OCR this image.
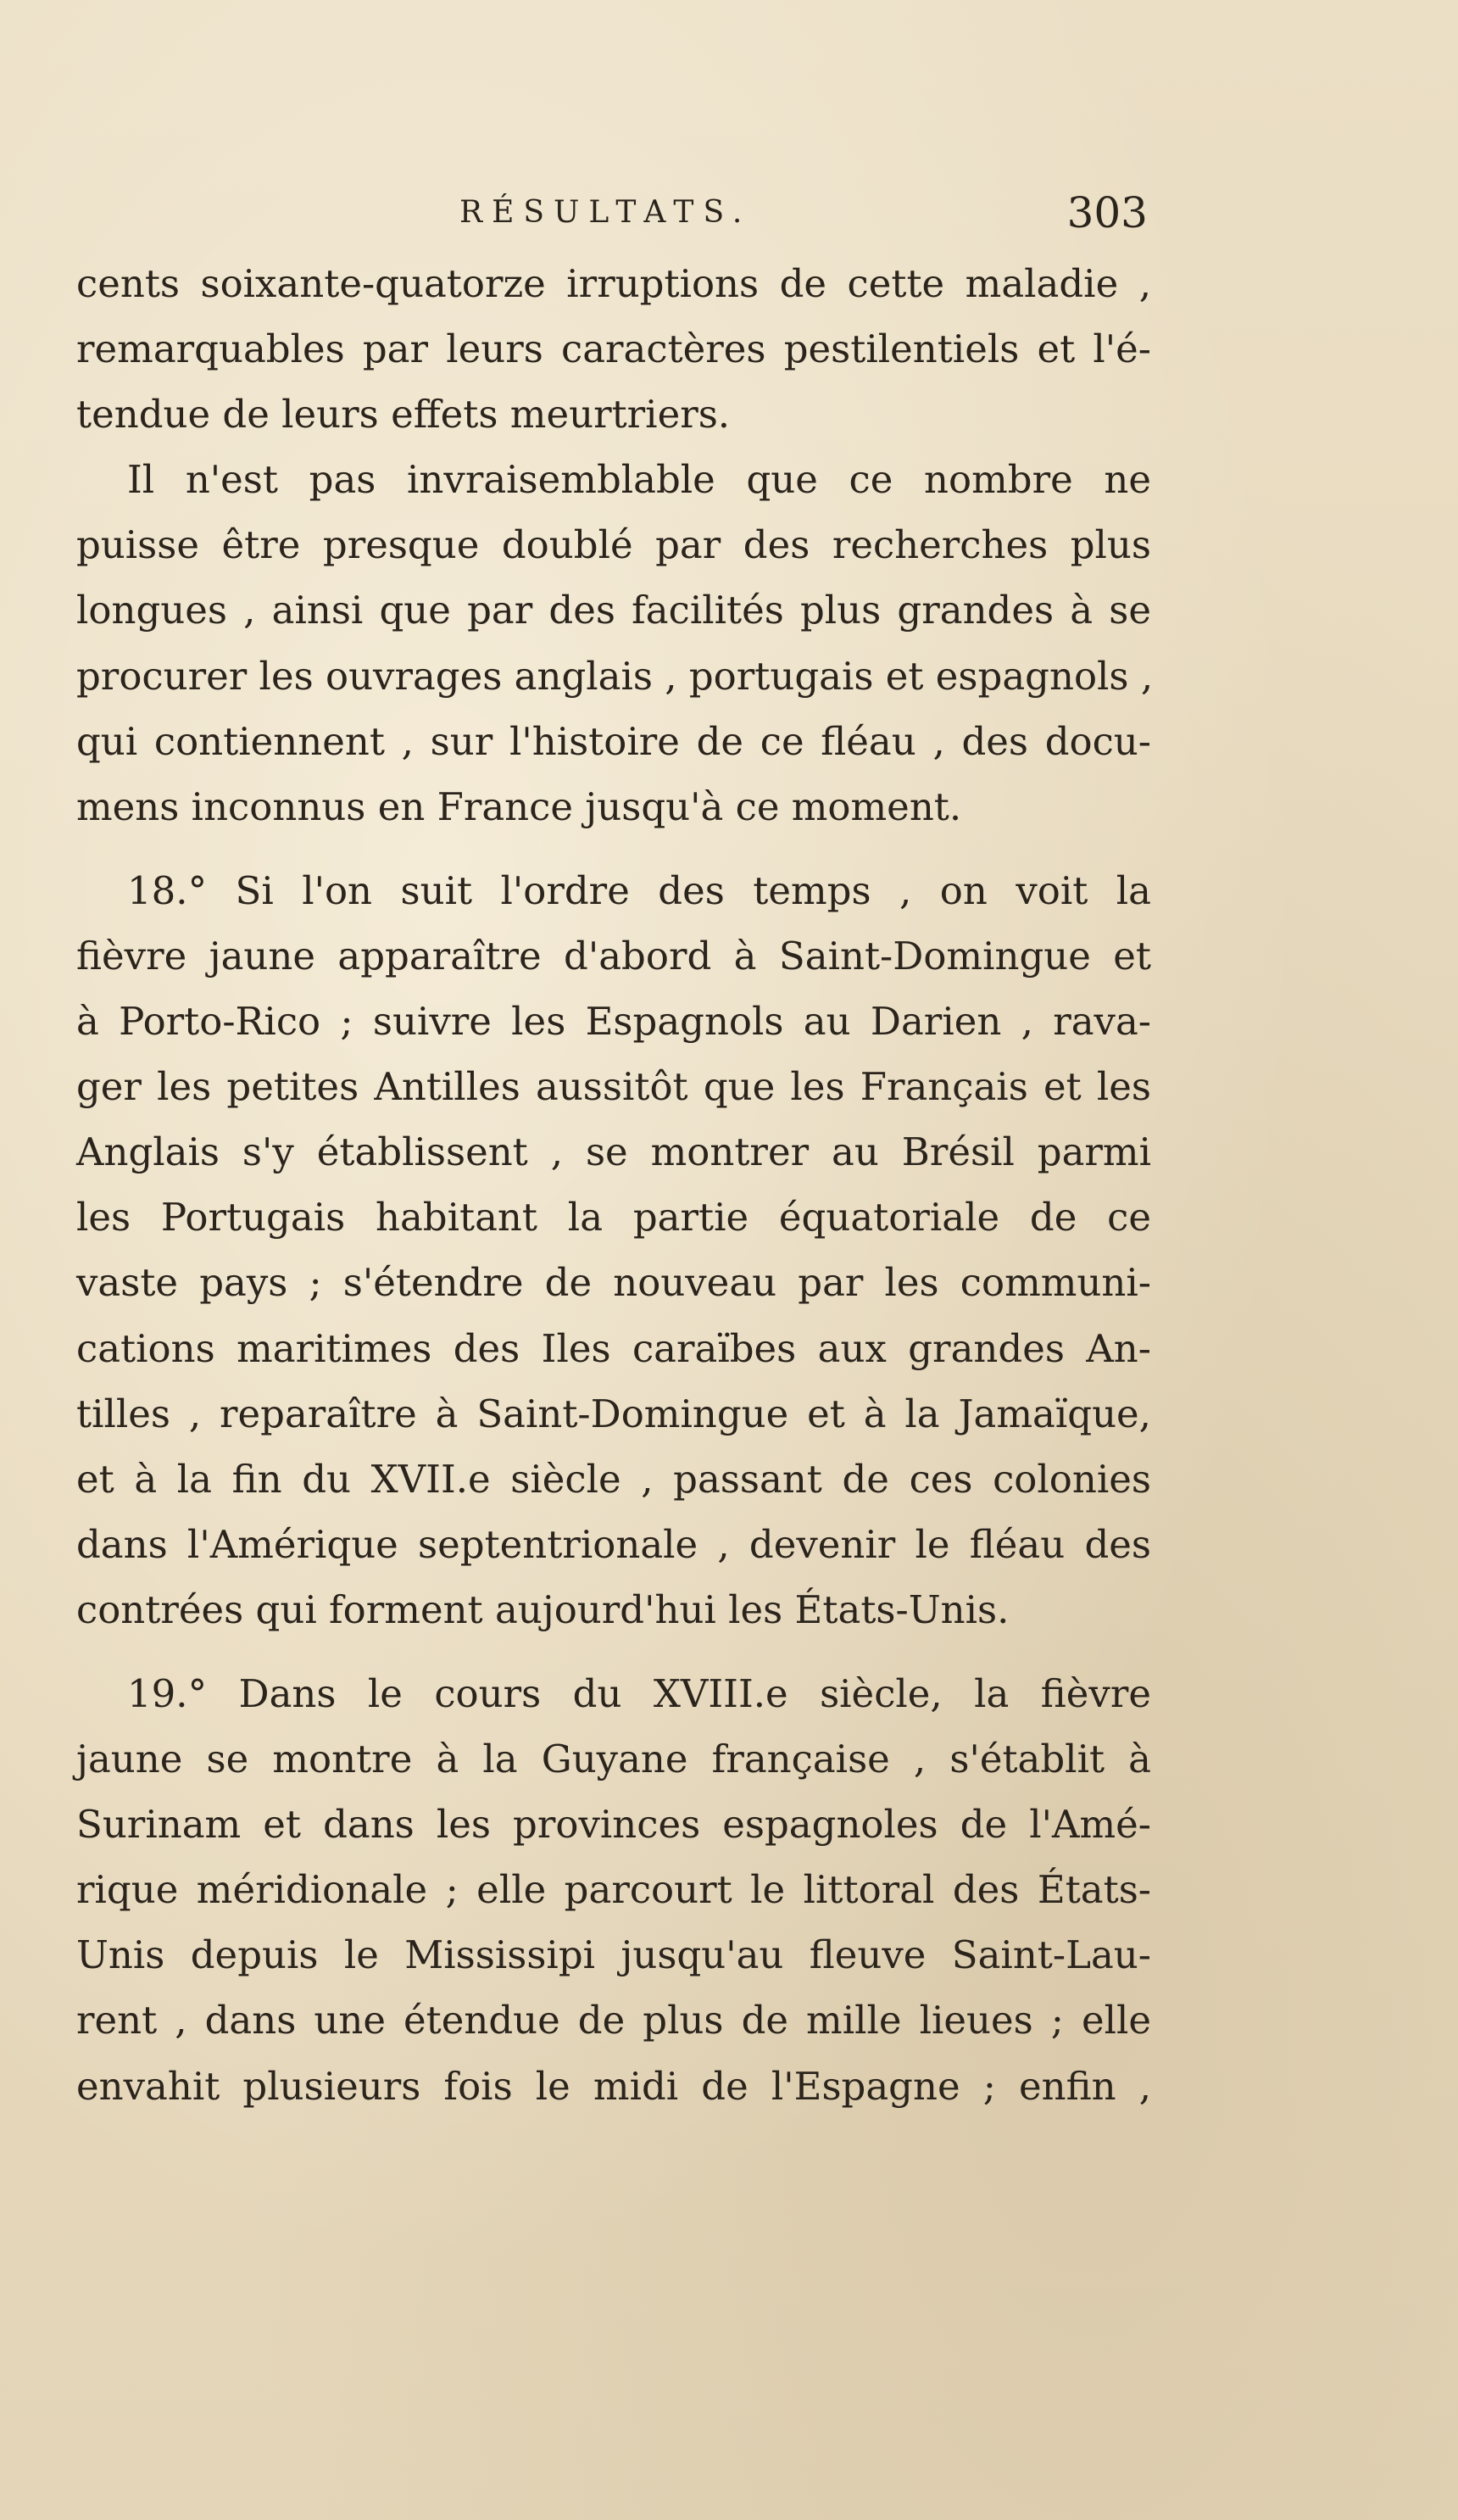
RÉSULTATS.	303
cents soixante-quatorze irruptions de cette maladie ,
remarquables par leurs caractères pestilentiels et l'é-
tendue de leurs effets meurtriers.
Il n'est pas invraisemblable que ce nombre ne
puisse être presque doublé par des recherches plus
longues , ainsi que par des facilités plus grandes à se
procurer les ouvrages anglais , portugais et espagnols ,
qui contiennent , sur l'histoire de ce fléau , des docu-
mens inconnus en France jusqu'à ce moment.
18.° Si l'on suit l'ordre des temps , on voit la
fièvre jaune apparaître d'abord à Saint-Domingue et
à Porto-Rico ; suivre les Espagnols au Darien , rava-
ger les petites Antilles aussitôt que les Français et les
Anglais s'y établissent , se montrer au Brésil parmi
les Portugais habitant la partie équatoriale de ce
vaste pays ; s'étendre de nouveau par les communi-
cations maritimes des Iles caraïbes aux grandes An-
tilles , reparaître à Saint-Domingue et à la Jamaïque,
et à la fin du XVII.e siècle , passant de ces colonies
dans l'Amérique septentrionale , devenir le fléau des
contrées qui forment aujourd'hui les États-Unis.
19.° Dans le cours du XVIII.e siècle, la fièvre
jaune se montre à la Guyane française , s'établit à
Surinam et dans les provinces espagnoles de l'Amé-
rique méridionale ; elle parcourt le littoral des États-
Unis depuis le Mississipi jusqu'au fleuve Saint-Lau-
rent , dans une étendue de plus de mille lieues ; elle
envahit plusieurs fois le midi de l'Espagne ; enfin ,
